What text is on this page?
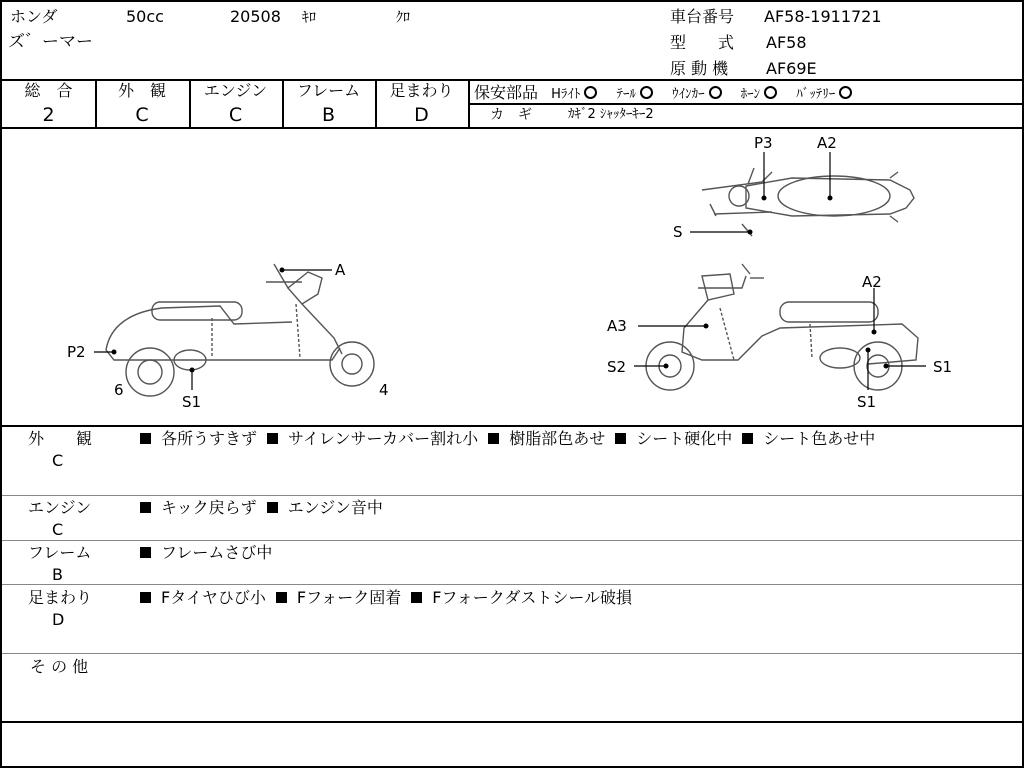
ホンダ	50cc	20508 ｷﾛ	ｸﾛ
ズ゛ーマー
車台番号 AF58-1911721
型　　式 AF58
原 動 機 AF69E
総　合
2
外　観
C
エンジン
C
フレーム
B
足まわり
D
保安部品 Hﾗｲﾄ	ﾃｰﾙ	ｳｲﾝｶｰ	ﾎｰﾝ	ﾊﾞｯﾃﾘｰ
カ　ギ	ｶｷﾞ2 ｼｬｯﾀｰｷｰ2
A
P2
S1
6	4
P3	A2
S
A2
A3
S2	S1
S1
外　　観
C
各所うすきず サイレンサーカバー割れ小 樹脂部色あせ シート硬化中 シート色あせ中
エンジン
C
キック戻らず エンジン音中
フレーム
B
フレームさび中
足まわり
D
Fタイヤひび小 Fフォーク固着 Fフォークダストシール破損
そ の 他
